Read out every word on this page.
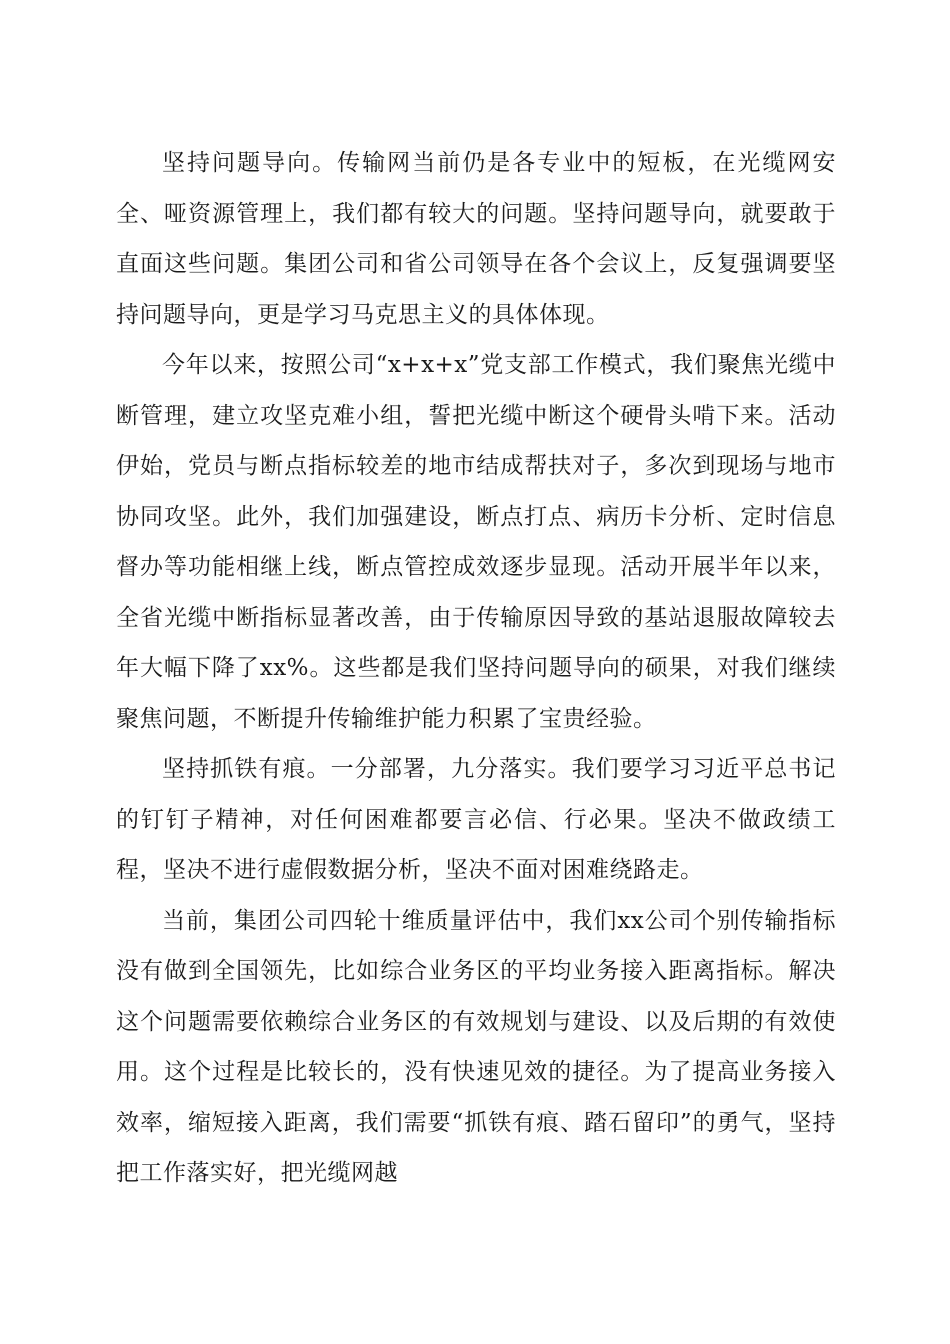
坚持问题导向。传输网当前仍是各专业中的短板，在光缆网安全、哑资源管理上，我们都有较大的问题。坚持问题导向，就要敢于直面这些问题。集团公司和省公司领导在各个会议上，反复强调要坚持问题导向，更是学习马克思主义的具体体现。

今年以来，按照公司“x+x+x”党支部工作模式，我们聚焦光缆中断管理，建立攻坚克难小组，誓把光缆中断这个硬骨头啃下来。活动伊始，党员与断点指标较差的地市结成帮扶对子，多次到现场与地市协同攻坚。此外，我们加强建设，断点打点、病历卡分析、定时信息督办等功能相继上线，断点管控成效逐步显现。活动开展半年以来，全省光缆中断指标显著改善，由于传输原因导致的基站退服故障较去年大幅下降了xx%。这些都是我们坚持问题导向的硕果，对我们继续聚焦问题，不断提升传输维护能力积累了宝贵经验。

坚持抓铁有痕。一分部署，九分落实。我们要学习习近平总书记的钉钉子精神，对任何困难都要言必信、行必果。坚决不做政绩工程，坚决不进行虚假数据分析，坚决不面对困难绕路走。

当前，集团公司四轮十维质量评估中，我们xx公司个别传输指标没有做到全国领先，比如综合业务区的平均业务接入距离指标。解决这个问题需要依赖综合业务区的有效规划与建设、以及后期的有效使用。这个过程是比较长的，没有快速见效的捷径。为了提高业务接入效率，缩短接入距离，我们需要“抓铁有痕、踏石留印”的勇气，坚持把工作落实好，把光缆网越
